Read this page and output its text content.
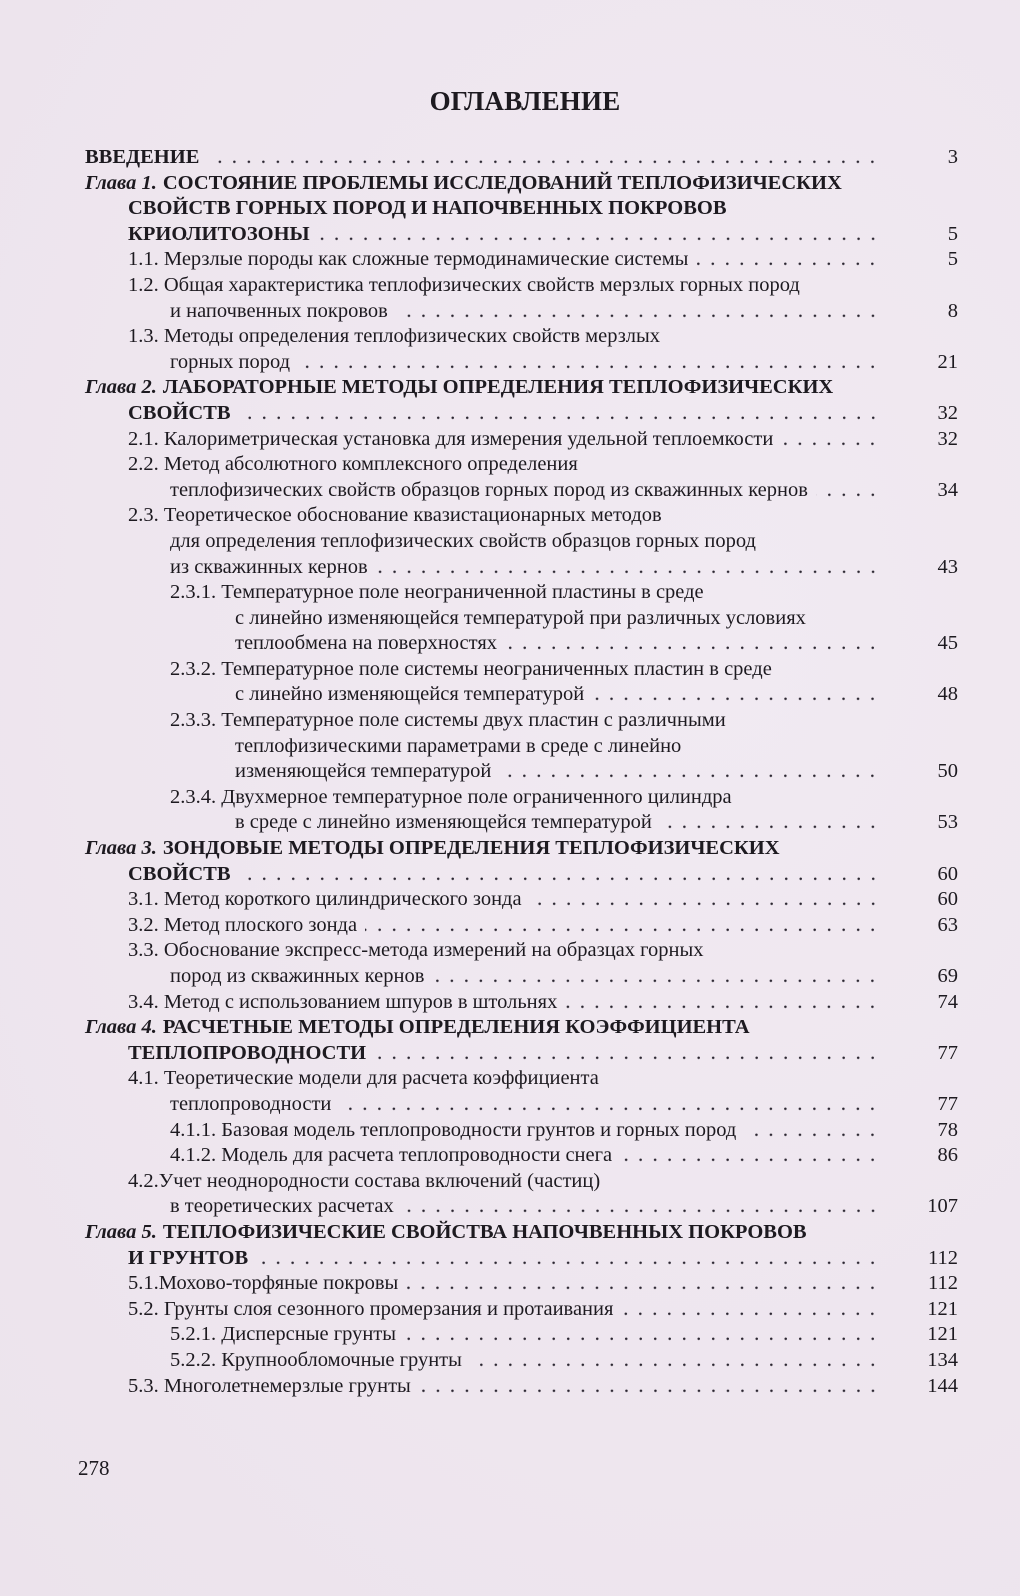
ОГЛАВЛЕНИЕ
ВВЕДЕНИЕ	3
Глава 1. СОСТОЯНИЕ ПРОБЛЕМЫ ИССЛЕДОВАНИЙ ТЕПЛОФИЗИЧЕСКИХ
СВОЙСТВ ГОРНЫХ ПОРОД И НАПОЧВЕННЫХ ПОКРОВОВ
КРИОЛИТОЗОНЫ	5
1.1. Мерзлые породы как сложные термодинамические системы	5
1.2. Общая характеристика теплофизических свойств мерзлых горных пород
и напочвенных покровов	8
1.3. Методы определения теплофизических свойств мерзлых
горных пород	21
Глава 2. ЛАБОРАТОРНЫЕ МЕТОДЫ ОПРЕДЕЛЕНИЯ ТЕПЛОФИЗИЧЕСКИХ
СВОЙСТВ	32
2.1. Калориметрическая установка для измерения удельной теплоемкости	32
2.2. Метод абсолютного комплексного определения
теплофизических свойств образцов горных пород из скважинных кернов	34
2.3. Теоретическое обоснование квазистационарных методов
для определения теплофизических свойств образцов горных пород
из скважинных кернов	43
2.3.1. Температурное поле неограниченной пластины в среде
с линейно изменяющейся температурой при различных условиях
теплообмена на поверхностях	45
2.3.2. Температурное поле системы неограниченных пластин в среде
с линейно изменяющейся температурой	48
2.3.3. Температурное поле системы двух пластин с различными
теплофизическими параметрами в среде с линейно
изменяющейся температурой	50
2.3.4. Двухмерное температурное поле ограниченного цилиндра
в среде с линейно изменяющейся температурой	53
Глава 3. ЗОНДОВЫЕ МЕТОДЫ ОПРЕДЕЛЕНИЯ ТЕПЛОФИЗИЧЕСКИХ
СВОЙСТВ	60
3.1. Метод короткого цилиндрического зонда	60
3.2. Метод плоского зонда	63
3.3. Обоснование экспресс-метода измерений на образцах горных
пород из скважинных кернов	69
3.4. Метод с использованием шпуров в штольнях	74
Глава 4. РАСЧЕТНЫЕ МЕТОДЫ ОПРЕДЕЛЕНИЯ КОЭФФИЦИЕНТА
ТЕПЛОПРОВОДНОСТИ	77
4.1. Теоретические модели для расчета коэффициента
теплопроводности	77
4.1.1. Базовая модель теплопроводности грунтов и горных пород	78
4.1.2. Модель для расчета теплопроводности снега	86
4.2.Учет неоднородности состава включений (частиц)
в теоретических расчетах	107
Глава 5. ТЕПЛОФИЗИЧЕСКИЕ СВОЙСТВА НАПОЧВЕННЫХ ПОКРОВОВ
И ГРУНТОВ	112
5.1.Мохово-торфяные покровы	112
5.2. Грунты слоя сезонного промерзания и протаивания	121
5.2.1. Дисперсные грунты	121
5.2.2. Крупнообломочные грунты	134
5.3. Многолетнемерзлые грунты	144
278
